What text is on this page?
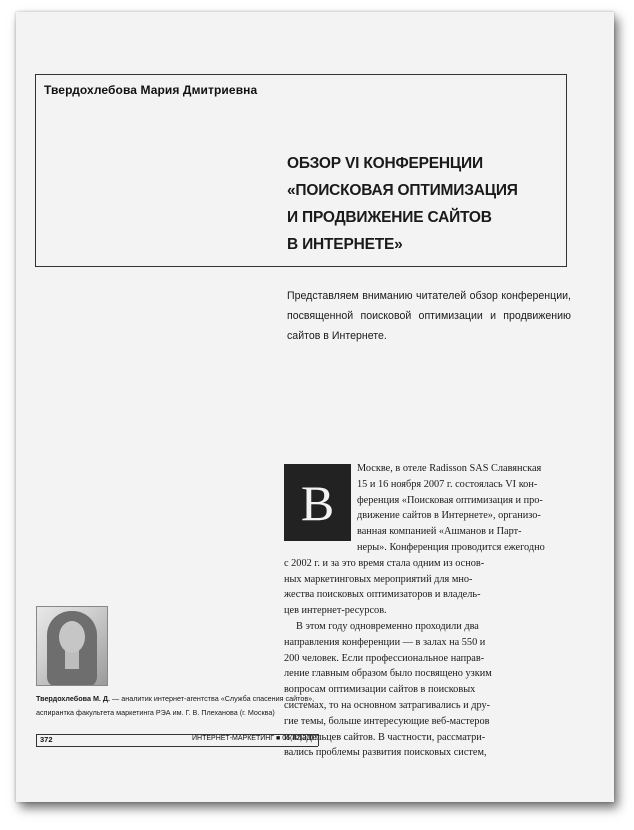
Твердохлебова Мария Дмитриевна
ОБЗОР VI КОНФЕРЕНЦИИ
«ПОИСКОВАЯ ОПТИМИЗАЦИЯ
И ПРОДВИЖЕНИЕ САЙТОВ
В ИНТЕРНЕТЕ»
Представляем вниманию читателей обзор конференции, посвященной поисковой оптимизации и продвижению сайтов в Интернете.
Москве, в отеле Radisson SAS Славянская
15 и 16 ноября 2007 г. состоялась VI кон-
ференция «Поисковая оптимизация и про-
движение сайтов в Интернете», организо-
ванная компанией «Ашманов и Парт-
неры». Конференция проводится ежегодно
с 2002 г. и за это время стала одним из основ-
ных маркетинговых мероприятий для мно-
жества поисковых оптимизаторов и владель-
цев интернет-ресурсов.
В этом году одновременно проходили два
направления конференции — в залах на 550 и
200 человек. Если профессиональное направ-
ление главным образом было посвящено узким
вопросам оптимизации сайтов в поисковых
системах, то на основном затрагивались и дру-
гие темы, больше интересующие веб-мастеров
и владельцев сайтов. В частности, рассматри-
вались проблемы развития поисковых систем,
В
Твердохлебова М. Д. — аналитик интернет-агентства «Служба спасения сайтов»,
аспирантка факультета маркетинга РЭА им. Г. В. Плеханова (г. Москва)
372	ИНТЕРНЕТ-МАРКЕТИНГ ■ 06(42)2007
